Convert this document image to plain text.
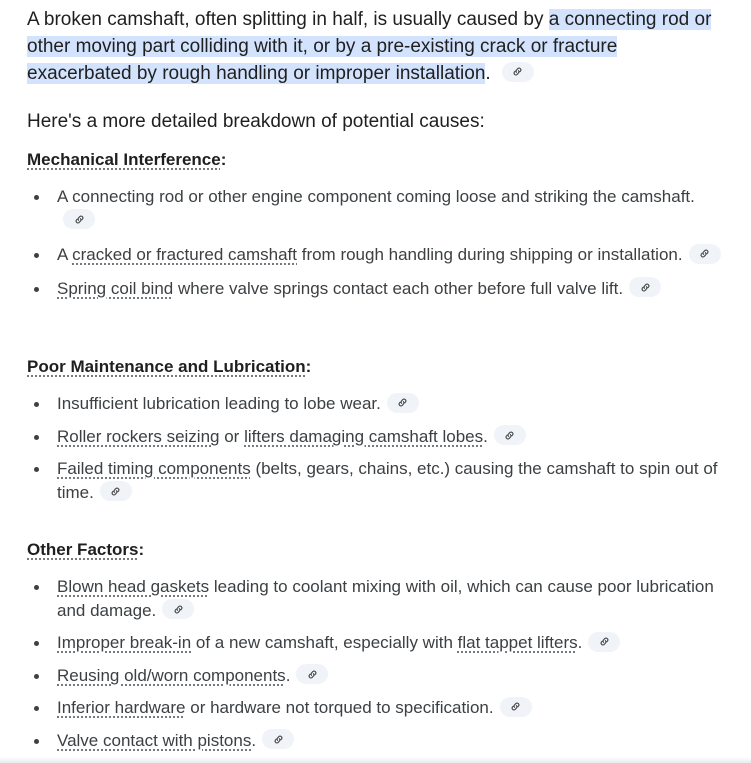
A broken camshaft, often splitting in half, is usually caused by a connecting rod or other moving part colliding with it, or by a pre-existing crack or fracture exacerbated by rough handling or improper installation.

Here's a more detailed breakdown of potential causes:
Mechanical Interference:
A connecting rod or other engine component coming loose and striking the camshaft.
A cracked or fractured camshaft from rough handling during shipping or installation.
Spring coil bind where valve springs contact each other before full valve lift.
Poor Maintenance and Lubrication:
Insufficient lubrication leading to lobe wear.
Roller rockers seizing or lifters damaging camshaft lobes.
Failed timing components (belts, gears, chains, etc.) causing the camshaft to spin out of time.
Other Factors:
Blown head gaskets leading to coolant mixing with oil, which can cause poor lubrication and damage.
Improper break-in of a new camshaft, especially with flat tappet lifters.
Reusing old/worn components.
Inferior hardware or hardware not torqued to specification.
Valve contact with pistons.
